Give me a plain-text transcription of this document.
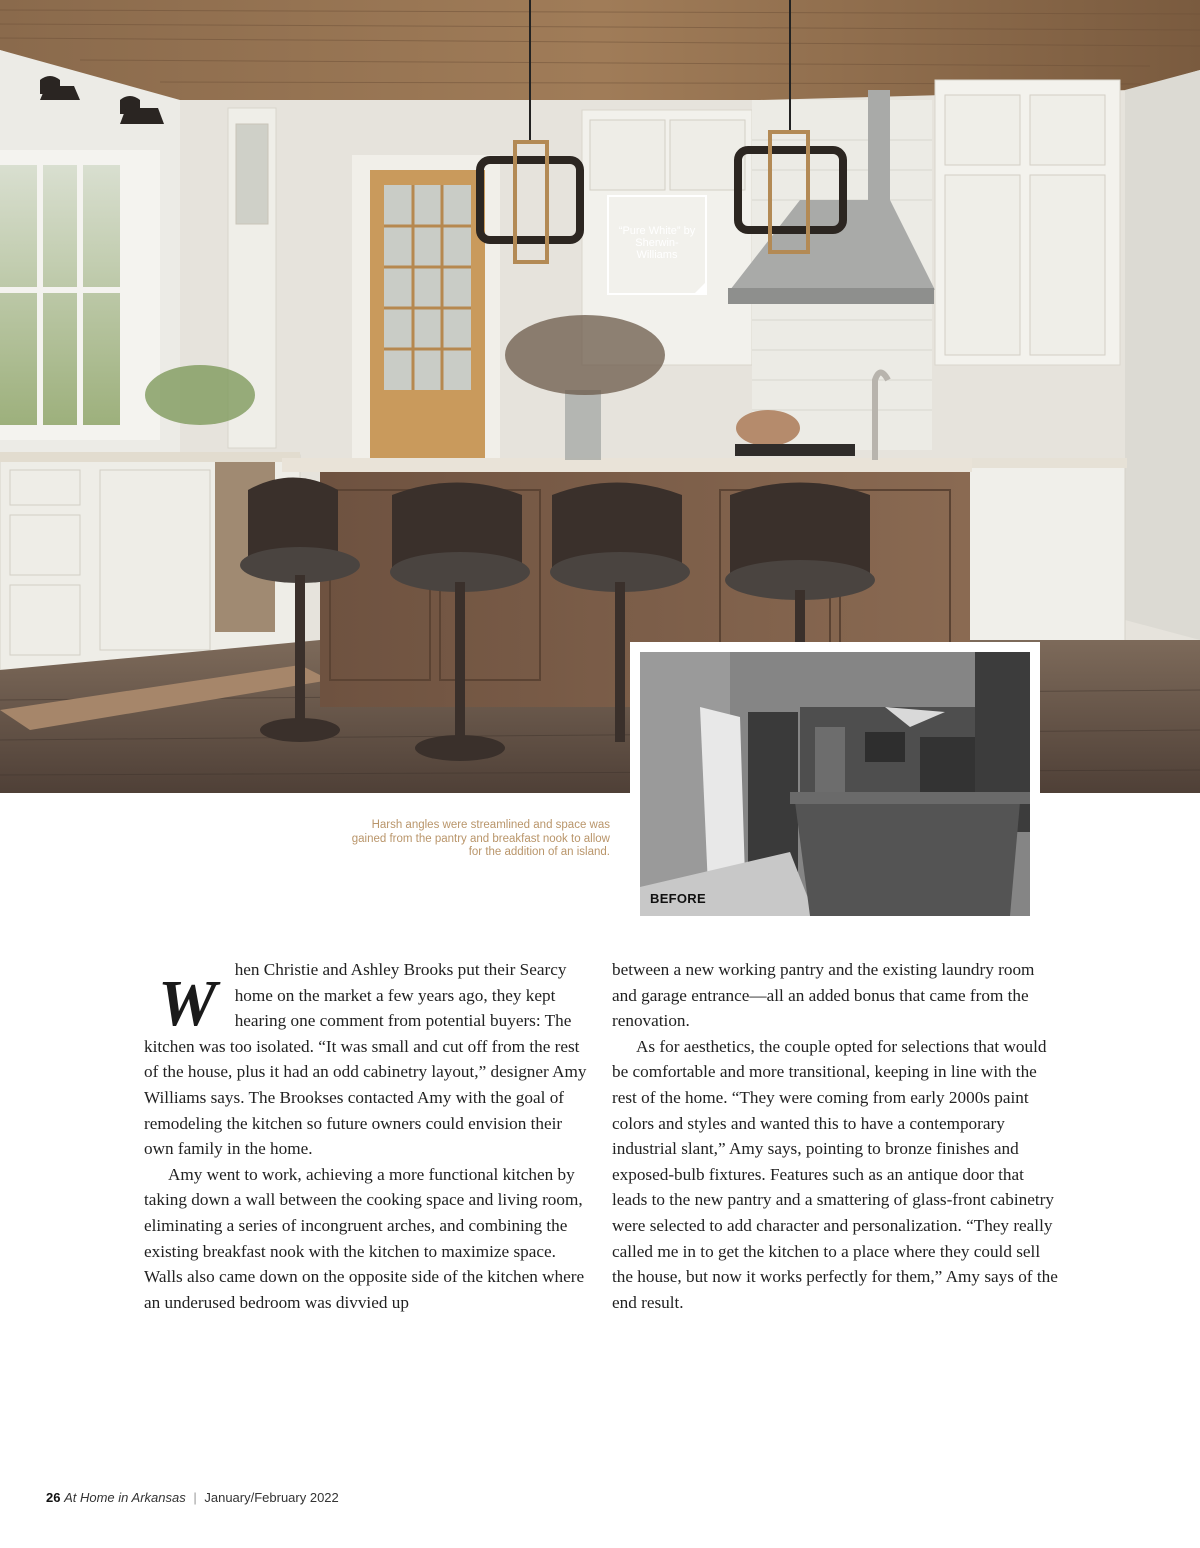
“Pure White” by Sherwin-Williams
BEFORE
Harsh angles were streamlined and space was gained from the pantry and breakfast nook to allow for the addition of an island.

W hen Christie and Ashley Brooks put their Searcy home on the market a few years ago, they kept hearing one comment from potential buyers: The kitchen was too isolated. “It was small and cut off from the rest of the house, plus it had an odd cabinetry layout,” designer Amy Williams says. The Brookses contacted Amy with the goal of remodeling the kitchen so future owners could envision their own family in the home.

Amy went to work, achieving a more functional kitchen by taking down a wall between the cooking space and living room, eliminating a series of incongruent arches, and combining the existing breakfast nook with the kitchen to maximize space. Walls also came down on the opposite side of the kitchen where an underused bedroom was divvied up

between a new working pantry and the existing laundry room and garage entrance—all an added bonus that came from the renovation.

As for aesthetics, the couple opted for selections that would be comfortable and more transitional, keeping in line with the rest of the home. “They were coming from early 2000s paint colors and styles and wanted this to have a contemporary industrial slant,” Amy says, pointing to bronze finishes and exposed-bulb fixtures. Features such as an antique door that leads to the new pantry and a smattering of glass-front cabinetry were selected to add character and personalization. “They really called me in to get the kitchen to a place where they could sell the house, but now it works perfectly for them,” Amy says of the end result.

26 At Home in Arkansas | January/February 2022
